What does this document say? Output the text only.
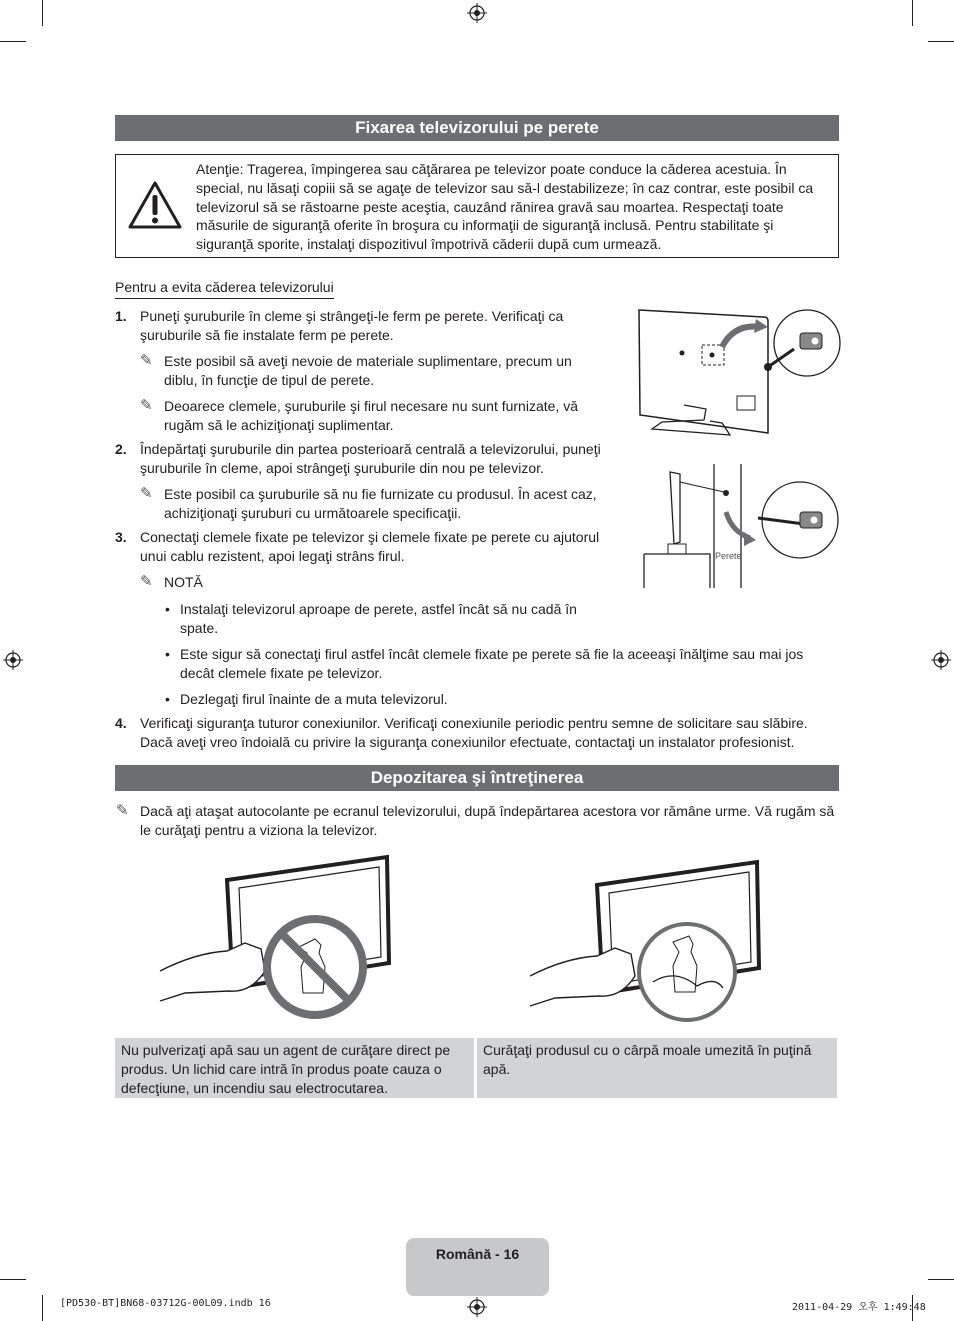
Fixarea televizorului pe perete
Atenţie: Tragerea, împingerea sau căţărarea pe televizor poate conduce la căderea acestuia. În special, nu lăsaţi copiii să se agaţe de televizor sau să-l destabilizeze; în caz contrar, este posibil ca televizorul să se răstoarne peste aceştia, cauzând rănirea gravă sau moartea. Respectaţi toate măsurile de siguranţă oferite în broşura cu informaţii de siguranţă inclusă. Pentru stabilitate şi siguranţă sporite, instalaţi dispozitivul împotrivă căderii după cum urmează.
Pentru a evita căderea televizorului
1. Puneţi şuruburile în cleme şi strângeţi-le ferm pe perete. Verificaţi ca şuruburile să fie instalate ferm pe perete.
✎ Este posibil să aveţi nevoie de materiale suplimentare, precum un diblu, în funcţie de tipul de perete.
✎ Deoarece clemele, şuruburile şi firul necesare nu sunt furnizate, vă rugăm să le achiziţionaţi suplimentar.
2. Îndepărtaţi şuruburile din partea posterioară centrală a televizorului, puneţi şuruburile în cleme, apoi strângeţi şuruburile din nou pe televizor.
✎ Este posibil ca şuruburile să nu fie furnizate cu produsul. În acest caz, achiziţionaţi şuruburi cu următoarele specificaţii.
3. Conectaţi clemele fixate pe televizor şi clemele fixate pe perete cu ajutorul unui cablu rezistent, apoi legaţi strâns firul.
✎ NOTĂ
• Instalaţi televizorul aproape de perete, astfel încât să nu cadă în spate.
• Este sigur să conectaţi firul astfel încât clemele fixate pe perete să fie la aceeaşi înălţime sau mai jos decât clemele fixate pe televizor.
• Dezlegaţi firul înainte de a muta televizorul.
4. Verificaţi siguranţa tuturor conexiunilor. Verificaţi conexiunile periodic pentru semne de solicitare sau slăbire. Dacă aveţi vreo îndoială cu privire la siguranţa conexiunilor efectuate, contactaţi un instalator profesionist.
Perete
Depozitarea şi întreţinerea
✎ Dacă aţi ataşat autocolante pe ecranul televizorului, după îndepărtarea acestora vor rămâne urme. Vă rugăm să le curăţaţi pentru a viziona la televizor.
Nu pulverizaţi apă sau un agent de curăţare direct pe produs. Un lichid care intră în produs poate cauza o defecţiune, un incendiu sau electrocutarea.
Curăţaţi produsul cu o cârpă moale umezită în puţină apă.
Română - 16
[PD530-BT]BN68-03712G-00L09.indb 16	2011-04-29 오후 1:49:48
